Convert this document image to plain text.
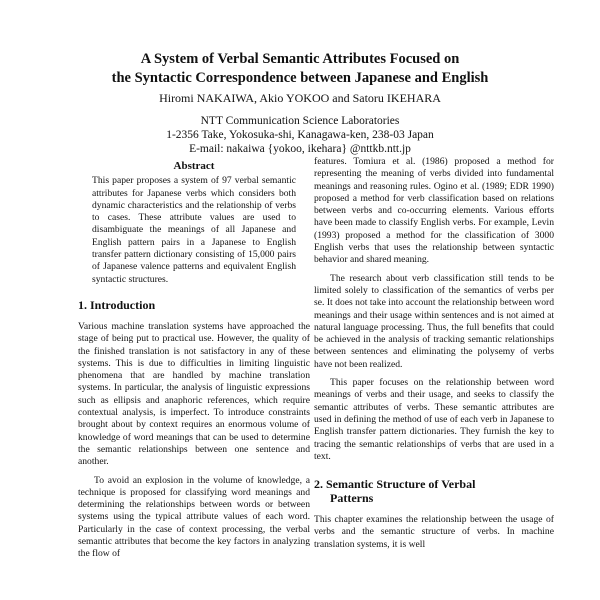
A System of Verbal Semantic Attributes Focused on
the Syntactic Correspondence between Japanese and English
Hiromi NAKAIWA, Akio YOKOO and Satoru IKEHARA
NTT Communication Science Laboratories
1-2356 Take, Yokosuka-shi, Kanagawa-ken, 238-03 Japan
E-mail: nakaiwa {yokoo, ikehara} @nttkb.ntt.jp
Abstract

This paper proposes a system of 97 verbal semantic attributes for Japanese verbs which considers both dynamic characteristics and the relationship of verbs to cases. These attribute values are used to disambiguate the meanings of all Japanese and English pattern pairs in a Japanese to English transfer pattern dictionary consisting of 15,000 pairs of Japanese valence patterns and equivalent English syntactic structures.

1. Introduction

Various machine translation systems have approached the stage of being put to practical use. However, the quality of the finished translation is not satisfactory in any of these systems. This is due to difficulties in limiting linguistic phenomena that are handled by machine translation systems. In particular, the analysis of linguistic expressions such as ellipsis and anaphoric references, which require contextual analysis, is imperfect. To introduce constraints brought about by context requires an enormous volume of knowledge of word meanings that can be used to determine the semantic relationships between one sentence and another.

To avoid an explosion in the volume of knowledge, a technique is proposed for classifying word meanings and determining the relationships between words or between systems using the typical attribute values of each word. Particularly in the case of context processing, the verbal semantic attributes that become the key factors in analyzing the flow of

features. Tomiura et al. (1986) proposed a method for representing the meaning of verbs divided into fundamental meanings and reasoning rules. Ogino et al. (1989; EDR 1990) proposed a method for verb classification based on relations between verbs and co-occurring elements. Various efforts have been made to classify English verbs. For example, Levin (1993) proposed a method for the classification of 3000 English verbs that uses the relationship between syntactic behavior and shared meaning.

The research about verb classification still tends to be limited solely to classification of the semantics of verbs per se. It does not take into account the relationship between word meanings and their usage within sentences and is not aimed at natural language processing. Thus, the full benefits that could be achieved in the analysis of tracking semantic relationships between sentences and eliminating the polysemy of verbs have not been realized.

This paper focuses on the relationship between word meanings of verbs and their usage, and seeks to classify the semantic attributes of verbs. These semantic attributes are used in defining the method of use of each verb in Japanese to English transfer pattern dictionaries. They furnish the key to tracing the semantic relationships of verbs that are used in a text.

2. Semantic Structure of Verbal
Patterns

This chapter examines the relationship between the usage of verbs and the semantic structure of verbs. In machine translation systems, it is well
